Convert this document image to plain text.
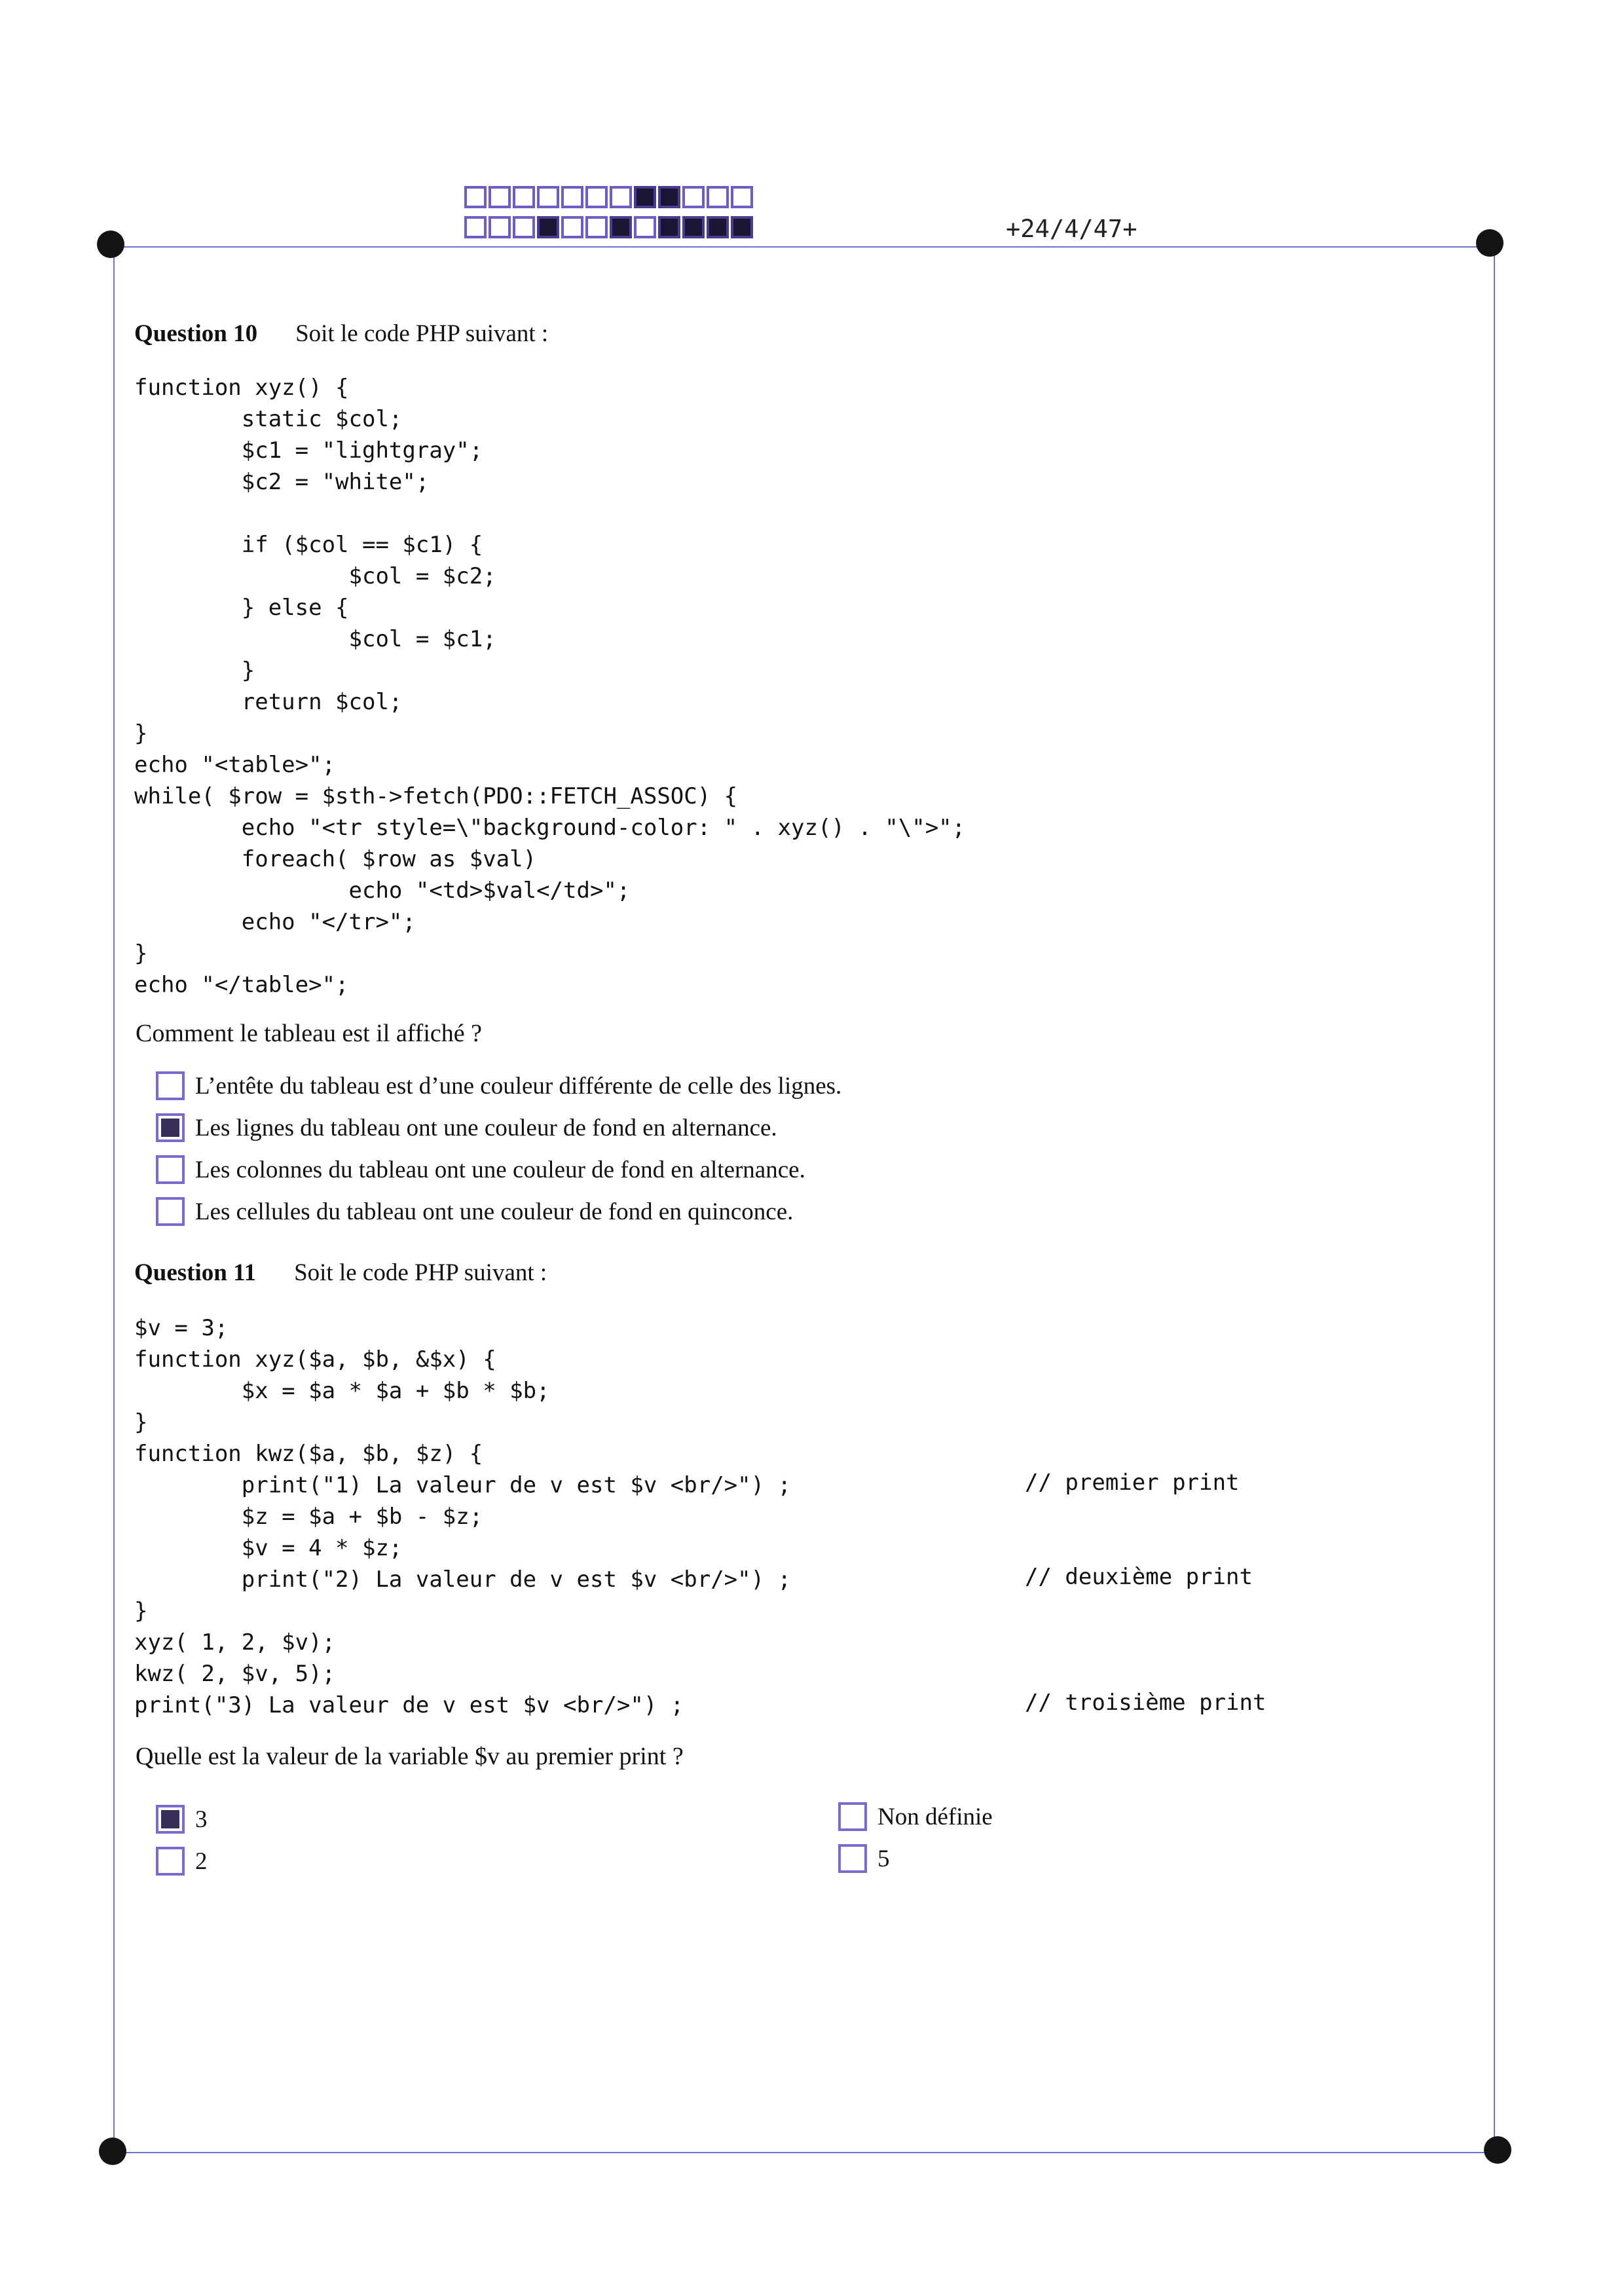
+24/4/47+
Question 10 Soit le code PHP suivant :
function xyz() {
static $col;
$c1 = "lightgray";
$c2 = "white";

if ($col == $c1) {
$col = $c2;
} else {
$col = $c1;
}
return $col;
}
echo "<table>";
while( $row = $sth->fetch(PDO::FETCH_ASSOC) {
echo "<tr style=\"background-color: " . xyz() . "\">";
foreach( $row as $val)
echo "<td>$val</td>";
echo "</tr>";
}
echo "</table>";
Comment le tableau est il affiché ?
L’entête du tableau est d’une couleur différente de celle des lignes.
Les lignes du tableau ont une couleur de fond en alternance.
Les colonnes du tableau ont une couleur de fond en alternance.
Les cellules du tableau ont une couleur de fond en quinconce.
Question 11 Soit le code PHP suivant :
$v = 3;
function xyz($a, $b, &$x) {
$x = $a * $a + $b * $b;
}
function kwz($a, $b, $z) {
print("1) La valeur de v est $v <br/>") ;
$z = $a + $b - $z;
$v = 4 * $z;
print("2) La valeur de v est $v <br/>") ;
}
xyz( 1, 2, $v);
kwz( 2, $v, 5);
print("3) La valeur de v est $v <br/>") ;
// premier print
// deuxième print
// troisième print
Quelle est la valeur de la variable $v au premier print ?
3
2
Non définie
5
